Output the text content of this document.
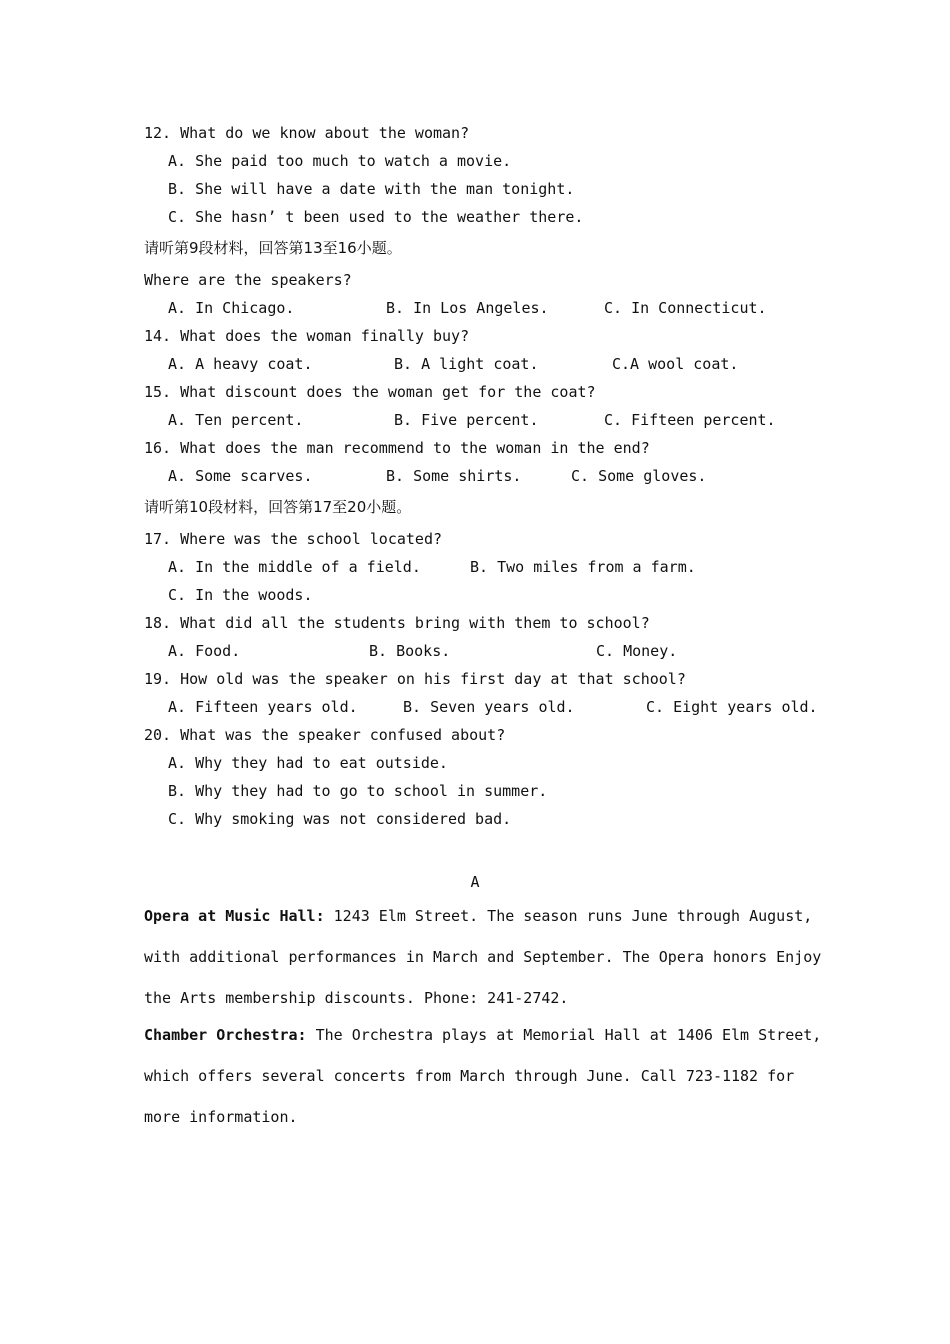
12. What do we know about the woman?
A. She paid too much to watch a movie.
B. She will have a date with the man tonight.
C. She hasn’ t been used to the weather there.
请听第9段材料，回答第13至16小题。
Where are the speakers?

A. In Chicago.

	B. In Los Angeles.

	C. In Connecticut.

14. What does the woman finally buy?

A. A heavy coat.

	B. A light coat.

	C.A wool coat.

15. What discount does the woman get for the coat?

A. Ten percent.

	B. Five percent.

	C. Fifteen percent.

16. What does the man recommend to the woman in the end?

A. Some scarves.

	B. Some shirts.

	C. Some gloves.

请听第10段材料，回答第17至20小题。
17. Where was the school located?

A. In the middle of a field.

	B. Two miles from a farm.

C. In the woods.
18. What did all the students bring with them to school?

A. Food.

	B. Books.

	C. Money.

19. How old was the speaker on his first day at that school?

A. Fifteen years old.

	B. Seven years old.

	C. Eight years old.

20. What was the speaker confused about?
A. Why they had to eat outside.
B. Why they had to go to school in summer.
C. Why smoking was not considered bad.
A
Opera at Music Hall: 1243 Elm Street. The season runs June through August, with additional performances in March and September. The Opera honors Enjoy the Arts membership discounts. Phone: 241-2742.
Chamber Orchestra: The Orchestra plays at Memorial Hall at 1406 Elm Street, which offers several concerts from March through June. Call 723-1182 for more information.
